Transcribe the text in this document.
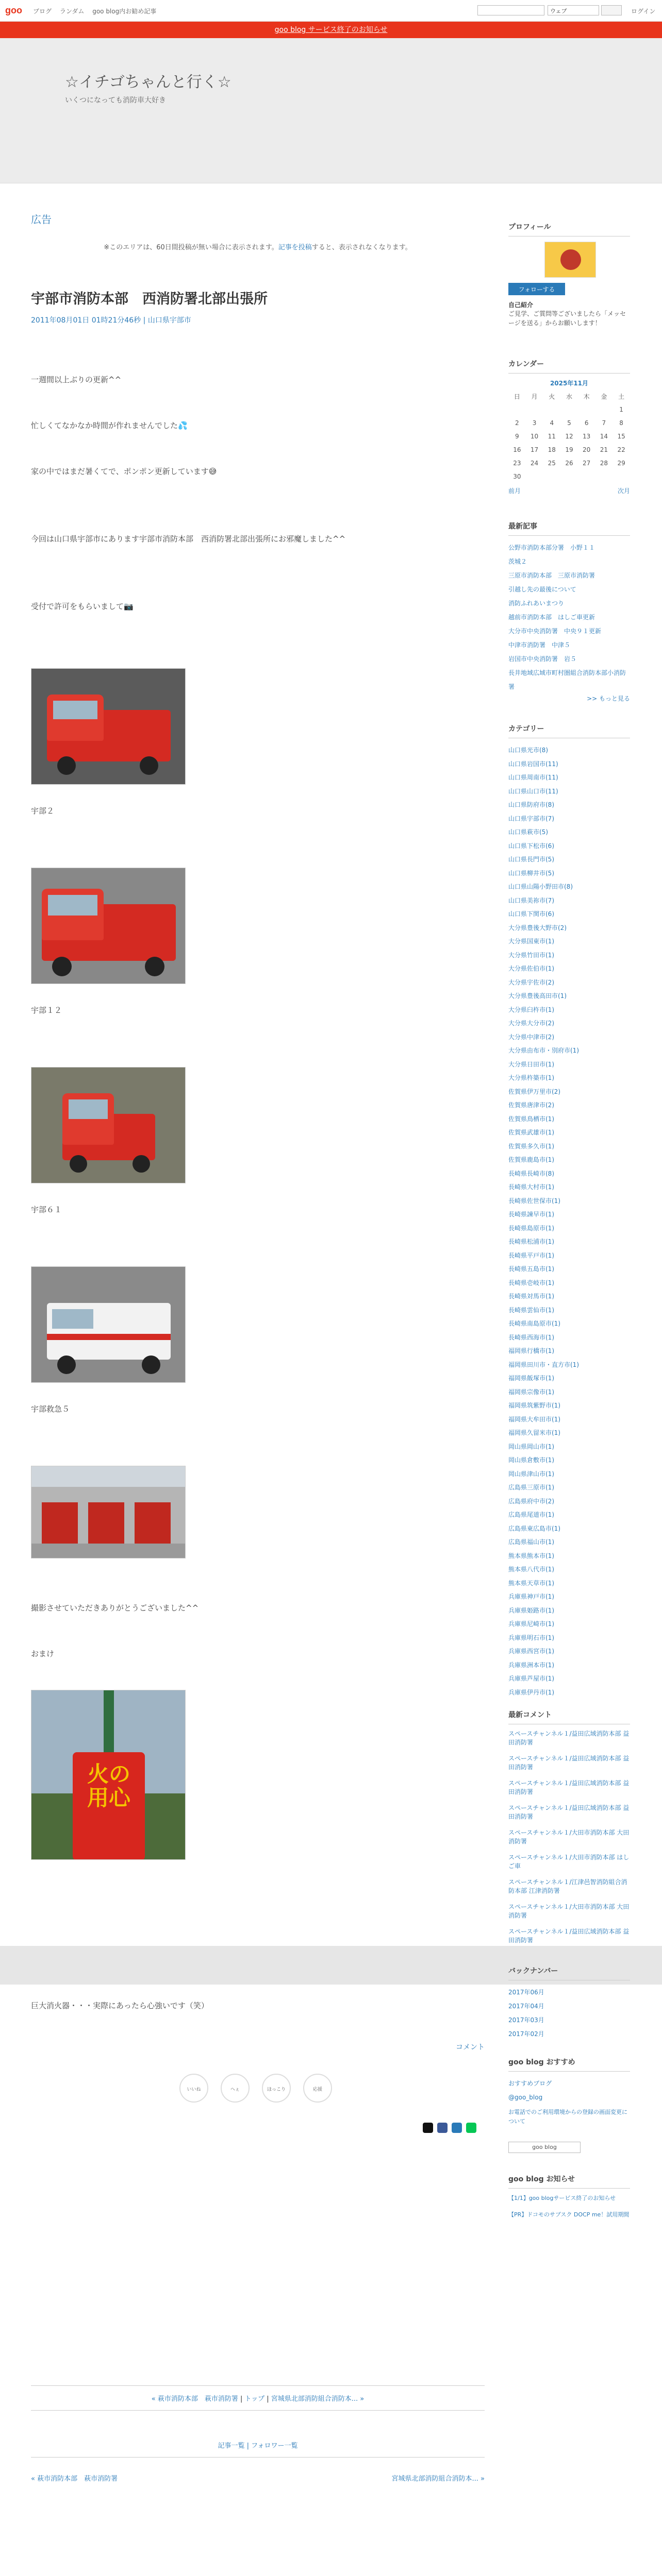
goo ブログ ランダム goo blog内お勧め記事	ウェブ	ログイン
goo blog サービス終了のお知らせ
☆イチゴちゃんと行く☆
いくつになっても消防車大好き
広告
※このエリアは、60日間投稿が無い場合に表示されます。記事を投稿すると、表示されなくなります。
宇部市消防本部　西消防署北部出張所
2011年08月01日 01時21分46秒 | 山口県宇部市
一週間以上ぶりの更新^^
忙しくてなかなか時間が作れませんでした💦
家の中ではまだ暑くてで、ポンポン更新しています😅
今回は山口県宇部市にあります宇部市消防本部　西消防署北部出張所にお邪魔しました^^
受付で許可をもらいまして📷
宇部２
宇部１２
宇部６１
宇部救急５
撮影させていただきありがとうございました^^
おまけ
火の用心
巨大消火器・・・実際にあったら心強いです（笑）
コメント
いいね	へぇ	ほっこり	応援
« 萩市消防本部　萩市消防署 | トップ | 宮城県北部消防組合消防本... »
記事一覧 | フォロワー一覧
« 萩市消防本部　萩市消防署	宮城県北部消防組合消防本... »
プロフィール
フォローする
自己紹介
ご見学、ご質問等ございましたら「メッセージを送る」からお願いします！
カレンダー
2025年11月
日	月	火	水	木	金	土
						1
2	3	4	5	6	7	8
9	10	11	12	13	14	15
16	17	18	19	20	21	22
23	24	25	26	27	28	29
30						
前月	次月
最新記事
公野市消防本部分署　小野１１
茨城２
三原市消防本部　三原市消防署
引越し先の最後について
消防ふれあいまつり
越前市消防本部　はしご車更新
大分市中央消防署　中央９１更新
中津市消防署　中津５
岩国市中央消防署　岩５
長井地域広域市町村圏組合消防本部小消防署
>> もっと見る
カテゴリー
山口県光市(8)
山口県岩国市(11)
山口県周南市(11)
山口県山口市(11)
山口県防府市(8)
山口県宇部市(7)
山口県萩市(5)
山口県下松市(6)
山口県長門市(5)
山口県柳井市(5)
山口県山陽小野田市(8)
山口県美祢市(7)
山口県下関市(6)
大分県豊後大野市(2)
大分県国東市(1)
大分県竹田市(1)
大分県佐伯市(1)
大分県宇佐市(2)
大分県豊後高田市(1)
大分県臼杵市(1)
大分県大分市(2)
大分県中津市(2)
大分県由布市・別府市(1)
大分県日田市(1)
大分県杵築市(1)
佐賀県伊万里市(2)
佐賀県唐津市(2)
佐賀県鳥栖市(1)
佐賀県武雄市(1)
佐賀県多久市(1)
佐賀県鹿島市(1)
長崎県長崎市(8)
長崎県大村市(1)
長崎県佐世保市(1)
長崎県諫早市(1)
長崎県島原市(1)
長崎県松浦市(1)
長崎県平戸市(1)
長崎県五島市(1)
長崎県壱岐市(1)
長崎県対馬市(1)
長崎県雲仙市(1)
長崎県南島原市(1)
長崎県西海市(1)
福岡県行橋市(1)
福岡県田川市・直方市(1)
福岡県飯塚市(1)
福岡県宗像市(1)
福岡県筑紫野市(1)
福岡県大牟田市(1)
福岡県久留米市(1)
岡山県岡山市(1)
岡山県倉敷市(1)
岡山県津山市(1)
広島県三原市(1)
広島県府中市(2)
広島県尾道市(1)
広島県東広島市(1)
広島県福山市(1)
熊本県熊本市(1)
熊本県八代市(1)
熊本県天草市(1)
兵庫県神戸市(1)
兵庫県姫路市(1)
兵庫県尼崎市(1)
兵庫県明石市(1)
兵庫県西宮市(1)
兵庫県洲本市(1)
兵庫県芦屋市(1)
兵庫県伊丹市(1)
最新コメント
スペースチャンネル１/益田広域消防本部 益田消防署
スペースチャンネル１/益田広域消防本部 益田消防署
スペースチャンネル１/益田広域消防本部 益田消防署
スペースチャンネル１/益田広域消防本部 益田消防署
スペースチャンネル１/大田市消防本部 大田消防署
スペースチャンネル１/大田市消防本部 はしご車
スペースチャンネル１/江津邑智消防組合消防本部 江津消防署
スペースチャンネル１/大田市消防本部 大田消防署
スペースチャンネル１/益田広域消防本部 益田消防署
バックナンバー
2017年06月
2017年04月
2017年03月
2017年02月
goo blog おすすめ
おすすめブログ
@goo_blog
お電話でのご利用環境からの登録の画面変更について
goo blog
goo blog お知らせ
【1/1】goo blogサービス終了のお知らせ
【PR】ドコモのサブスク DOCP me！試用期間
